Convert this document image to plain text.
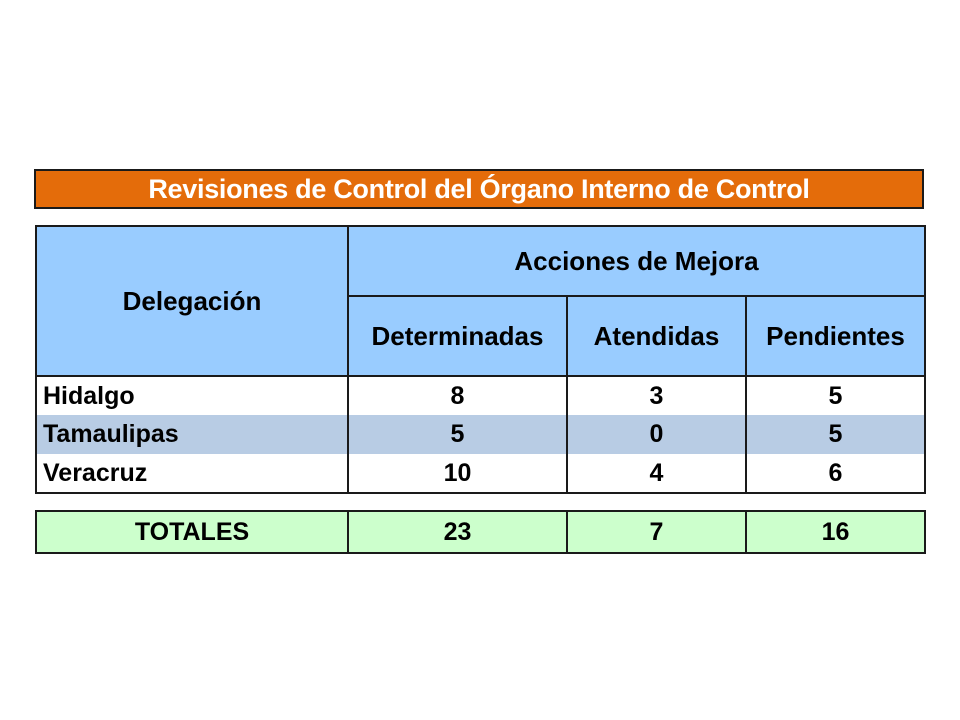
Revisiones de Control del Órgano Interno de Control
Delegación	Acciones de Mejora		
	Determinadas	Atendidas	Pendientes
Hidalgo	8	3	5
Tamaulipas	5	0	5
Veracruz	10	4	6
TOTALES	23	7	16
